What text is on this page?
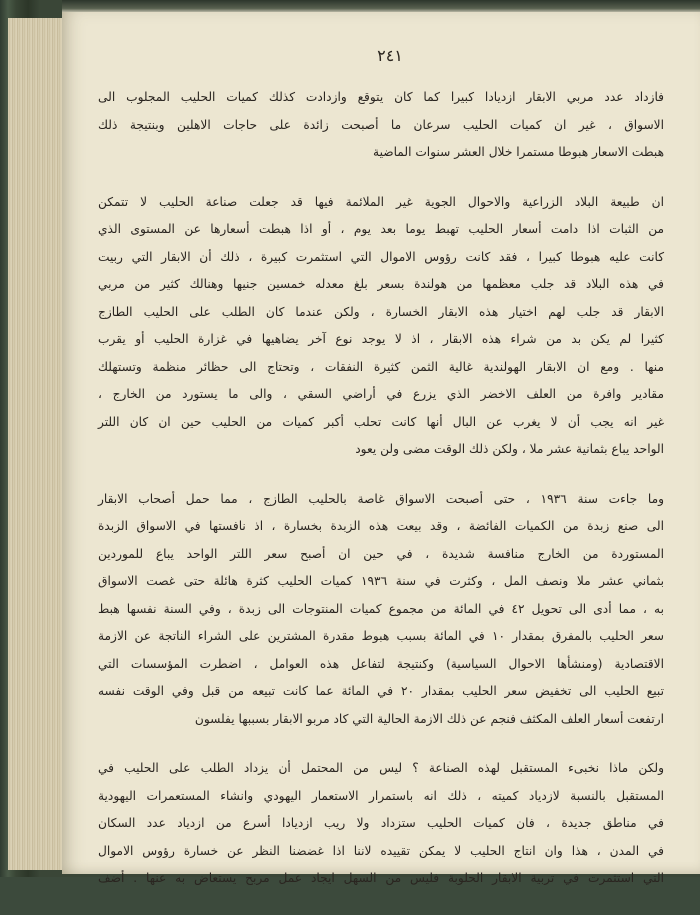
٢٤١
فازداد عدد مربي الابقار ازديادا كبيرا كما كان يتوقع وازدادت كذلك كميات الحليب المجلوب الى
الاسواق ، غير ان كميات الحليب سرعان ما أصبحت زائدة على حاجات الاهلين وبنتيجة ذلك
هبطت الاسعار هبوطا مستمرا خلال العشر سنوات الماضية
ان طبيعة البلاد الزراعية والاحوال الجوية غير الملائمة فيها قد جعلت صناعة الحليب لا تتمكن
من الثبات اذا دامت أسعار الحليب تهبط يوما بعد يوم ، أو اذا هبطت أسعارها عن المستوى الذي
كانت عليه هبوطا كبيرا ، فقد كانت رؤوس الاموال التي استثمرت كبيرة ، ذلك أن الابقار التي ربيت
في هذه البلاد قد جلب معظمها من هولندة بسعر بلغ معدله خمسين جنيها وهنالك كثير من مربي
الابقار قد جلب لهم اختيار هذه الابقار الخسارة ، ولكن عندما كان الطلب على الحليب الطازج
كثيرا لم يكن بد من شراء هذه الابقار ، اذ لا يوجد نوع آخر يضاهيها في غزارة الحليب أو يقرب
منها . ومع ان الابقار الهولندية غالية الثمن كثيرة النفقات ، وتحتاج الى حظائر منظمة وتستهلك
مقادير وافرة من العلف الاخضر الذي يزرع في أراضي السقي ، والى ما يستورد من الخارج ،
غير انه يجب أن لا يغرب عن البال أنها كانت تحلب أكبر كميات من الحليب حين ان كان اللتر
الواحد يباع بثمانية عشر ملا ، ولكن ذلك الوقت مضى ولن يعود
وما جاءت سنة ١٩٣٦ ، حتى أصبحت الاسواق غاصة بالحليب الطازج ، مما حمل أصحاب الابقار
الى صنع زبدة من الكميات الفائضة ، وقد بيعت هذه الزبدة بخسارة ، اذ نافستها في الاسواق الزبدة
المستوردة من الخارج منافسة شديدة ، في حين ان أصبح سعر اللتر الواحد يباع للموردين
بثماني عشر ملا ونصف المل ، وكثرت في سنة ١٩٣٦ كميات الحليب كثرة هائلة حتى غصت الاسواق
به ، مما أدى الى تحويل ٤٢ في المائة من مجموع كميات المنتوجات الى زبدة ، وفي السنة نفسها هبط
سعر الحليب بالمفرق بمقدار ١٠ في المائة بسبب هبوط مقدرة المشترين على الشراء الناتجة عن الازمة
الاقتصادية (ومنشأها الاحوال السياسية) وكنتيجة لتفاعل هذه العوامل ، اضطرت المؤسسات التي
تبيع الحليب الى تخفيض سعر الحليب بمقدار ٢٠ في المائة عما كانت تبيعه من قبل وفي الوقت نفسه
ارتفعت أسعار العلف المكثف فنجم عن ذلك الازمة الحالية التي كاد مربو الابقار بسببها يفلسون
ولكن ماذا نخبىء المستقبل لهذه الصناعة ؟ ليس من المحتمل أن يزداد الطلب على الحليب في
المستقبل بالنسبة لازدياد كميته ، ذلك انه باستمرار الاستعمار اليهودي وانشاء المستعمرات اليهودية
في مناطق جديدة ، فان كميات الحليب ستزداد ولا ريب ازديادا أسرع من ازدياد عدد السكان
في المدن ، هذا وان انتاج الحليب لا يمكن تقييده لاننا اذا غضضنا النظر عن خسارة رؤوس الاموال
التي استثمرت في تربية الابقار الحلوبة فليس من السهل ايجاد عمل مربح يستعاض به عنها . أضف
